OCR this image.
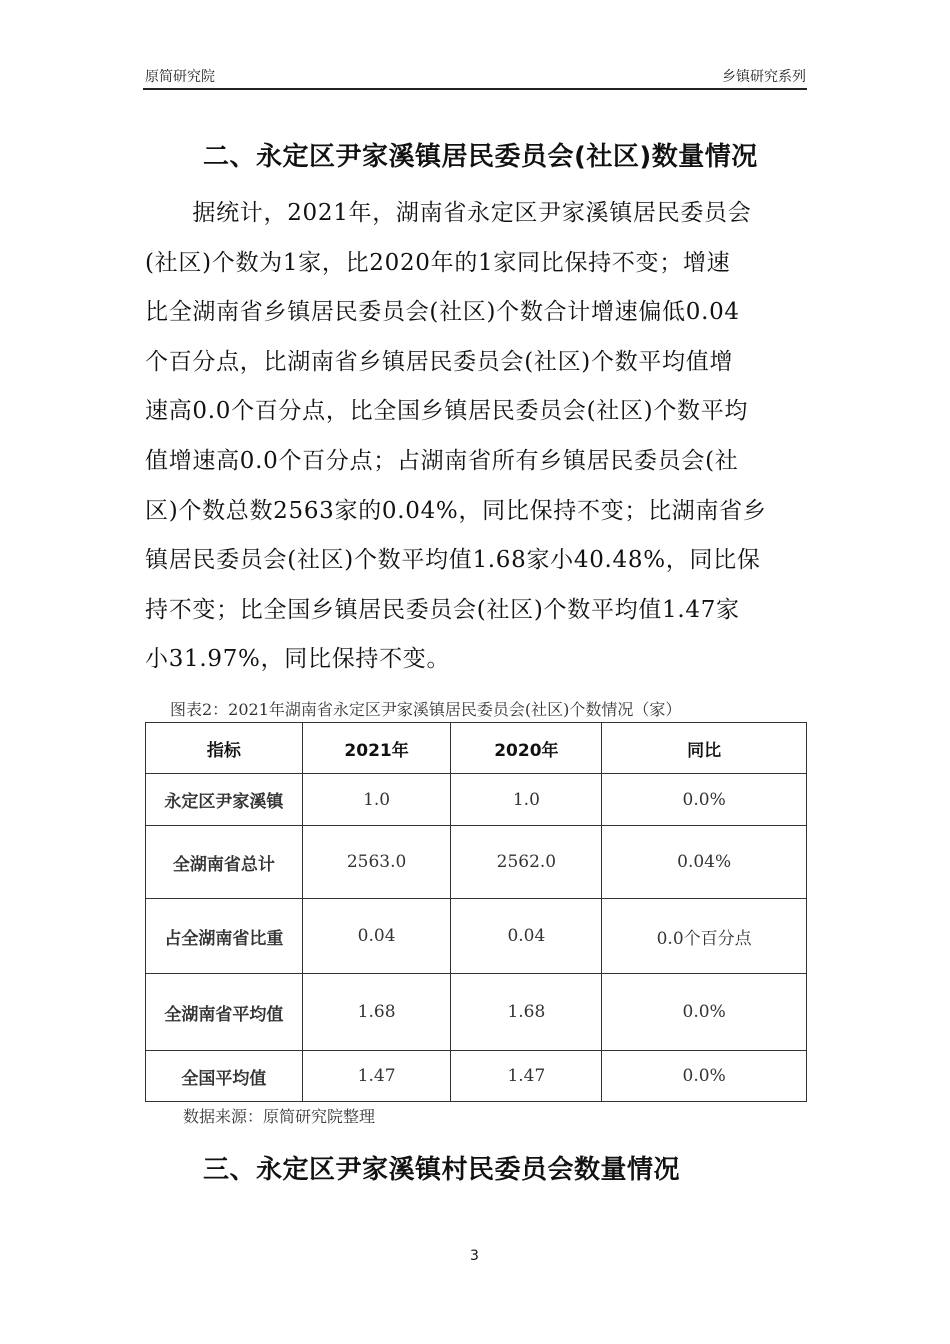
原简研究院	乡镇研究系列
二、永定区尹家溪镇居民委员会(社区)数量情况
　　据统计，2021年，湖南省永定区尹家溪镇居民委员会
(社区)个数为1家，比2020年的1家同比保持不变；增速
比全湖南省乡镇居民委员会(社区)个数合计增速偏低0.04
个百分点，比湖南省乡镇居民委员会(社区)个数平均值增
速高0.0个百分点，比全国乡镇居民委员会(社区)个数平均
值增速高0.0个百分点；占湖南省所有乡镇居民委员会(社
区)个数总数2563家的0.04%，同比保持不变；比湖南省乡
镇居民委员会(社区)个数平均值1.68家小40.48%，同比保
持不变；比全国乡镇居民委员会(社区)个数平均值1.47家
小31.97%，同比保持不变。
图表2：2021年湖南省永定区尹家溪镇居民委员会(社区)个数情况（家）
指标	2021年	2020年	同比
永定区尹家溪镇	1.0	1.0	0.0%
全湖南省总计	2563.0	2562.0	0.04%
占全湖南省比重	0.04	0.04	0.0个百分点
全湖南省平均值	1.68	1.68	0.0%
全国平均值	1.47	1.47	0.0%
数据来源：原简研究院整理
三、永定区尹家溪镇村民委员会数量情况
3
